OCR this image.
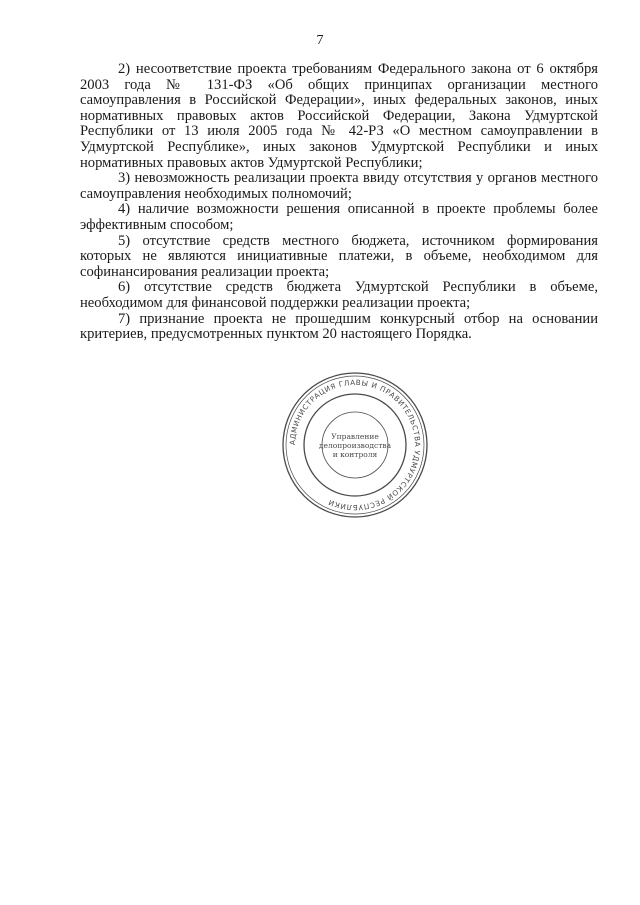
7

2) несоответствие проекта требованиям Федерального закона от 6 октября 2003 года № 131-ФЗ «Об общих принципах организации местного самоуправления в Российской Федерации», иных федеральных законов, иных нормативных правовых актов Российской Федерации, Закона Удмуртской Республики от 13 июля 2005 года № 42-РЗ «О местном самоуправлении в Удмуртской Республике», иных законов Удмуртской Республики и иных нормативных правовых актов Удмуртской Республики;

3) невозможность реализации проекта ввиду отсутствия у органов местного самоуправления необходимых полномочий;

4) наличие возможности решения описанной в проекте проблемы более эффективным способом;

5) отсутствие средств местного бюджета, источником формирования которых не являются инициативные платежи, в объеме, необходимом для софинансирования реализации проекта;

6) отсутствие средств бюджета Удмуртской Республики в объеме, необходимом для финансовой поддержки реализации проекта;

7) признание проекта не прошедшим конкурсный отбор на основании критериев, предусмотренных пунктом 20 настоящего Порядка.

АДМИНИСТРАЦИЯ ГЛАВЫ И ПРАВИТЕЛЬСТВА УДМУРТСКОЙ РЕСПУБЛИКИ
Управление
делопроизводства
и контроля
